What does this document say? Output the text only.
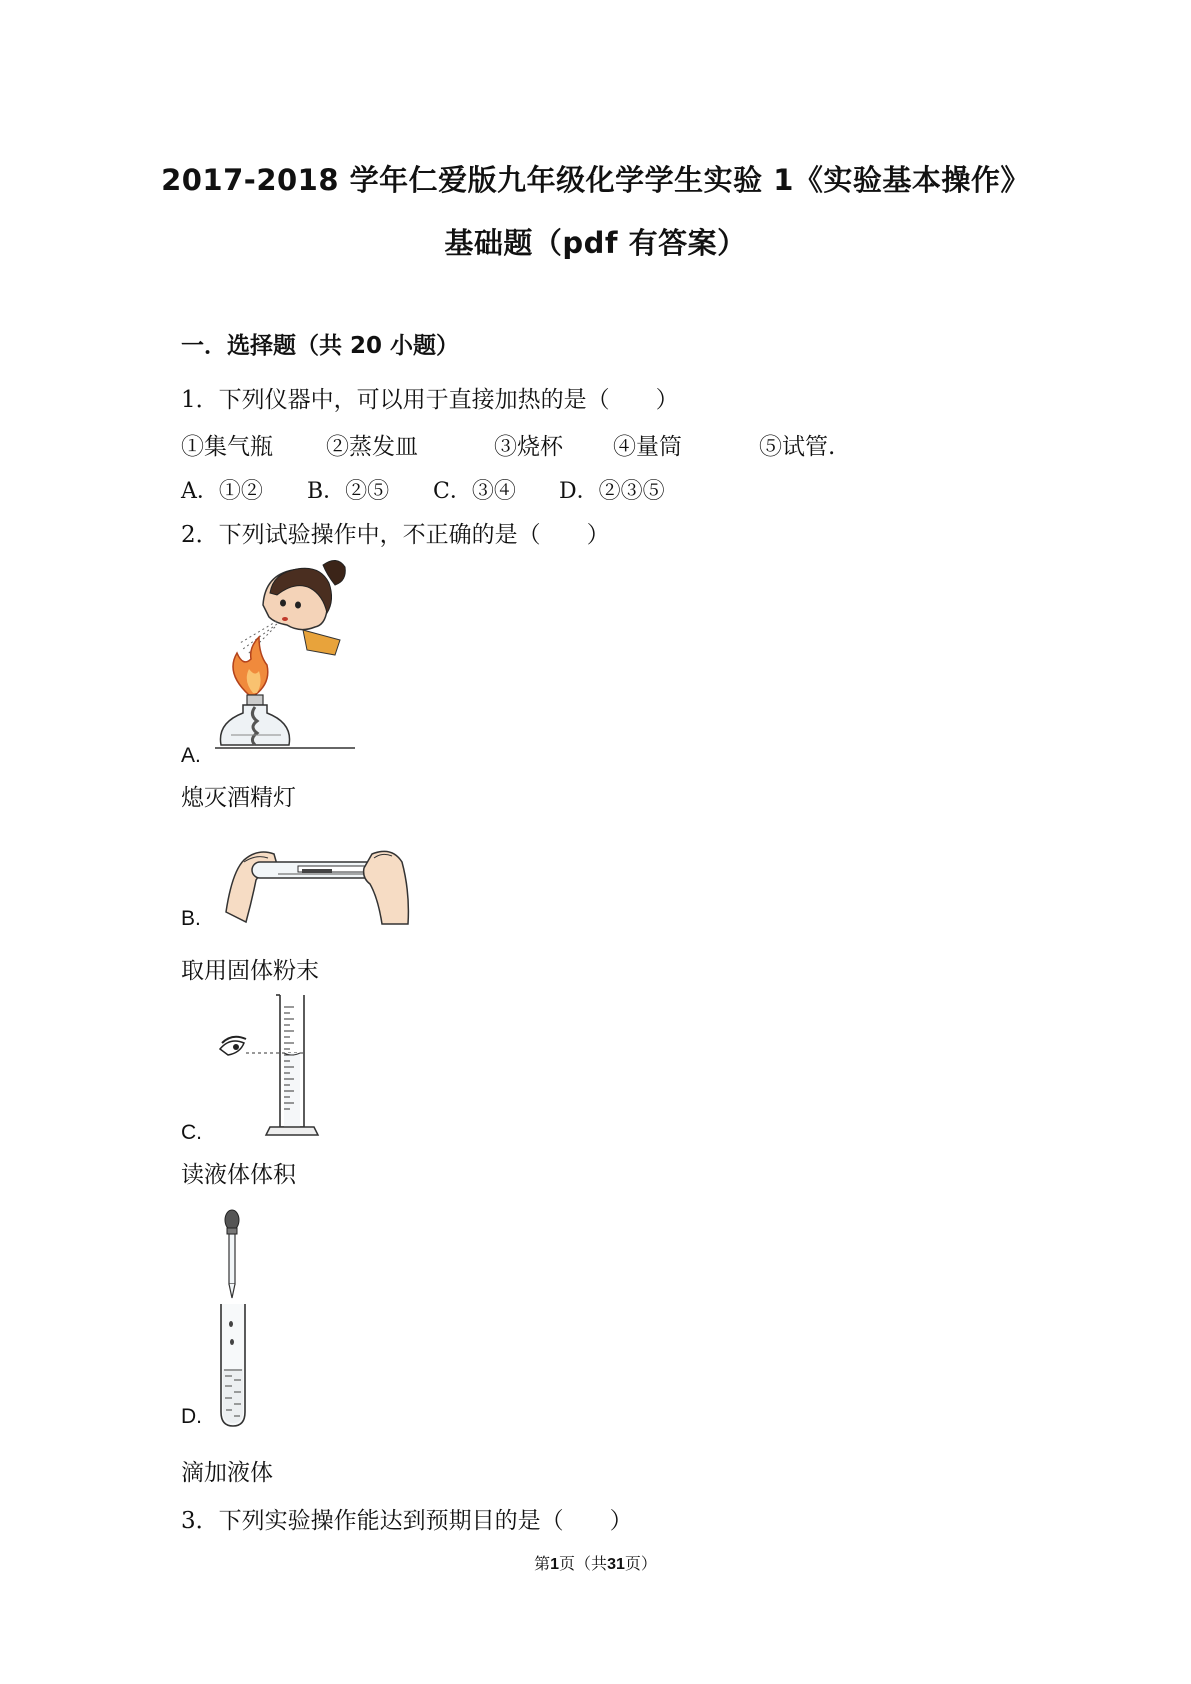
2017-2018 学年仁爱版九年级化学学生实验 1《实验基本操作》
基础题（pdf 有答案）
一．选择题（共 20 小题）
1．下列仪器中，可以用于直接加热的是（　　）
①集气瓶 ②蒸发皿	③烧杯 ④量筒	⑤试管.
A．①② B．②⑤ C．③④ D．②③⑤
2．下列试验操作中，不正确的是（　　）
A.
熄灭酒精灯
B.
取用固体粉末
C.
读液体体积
D.
滴加液体
3．下列实验操作能达到预期目的是（　　）
第1页（共31页）
